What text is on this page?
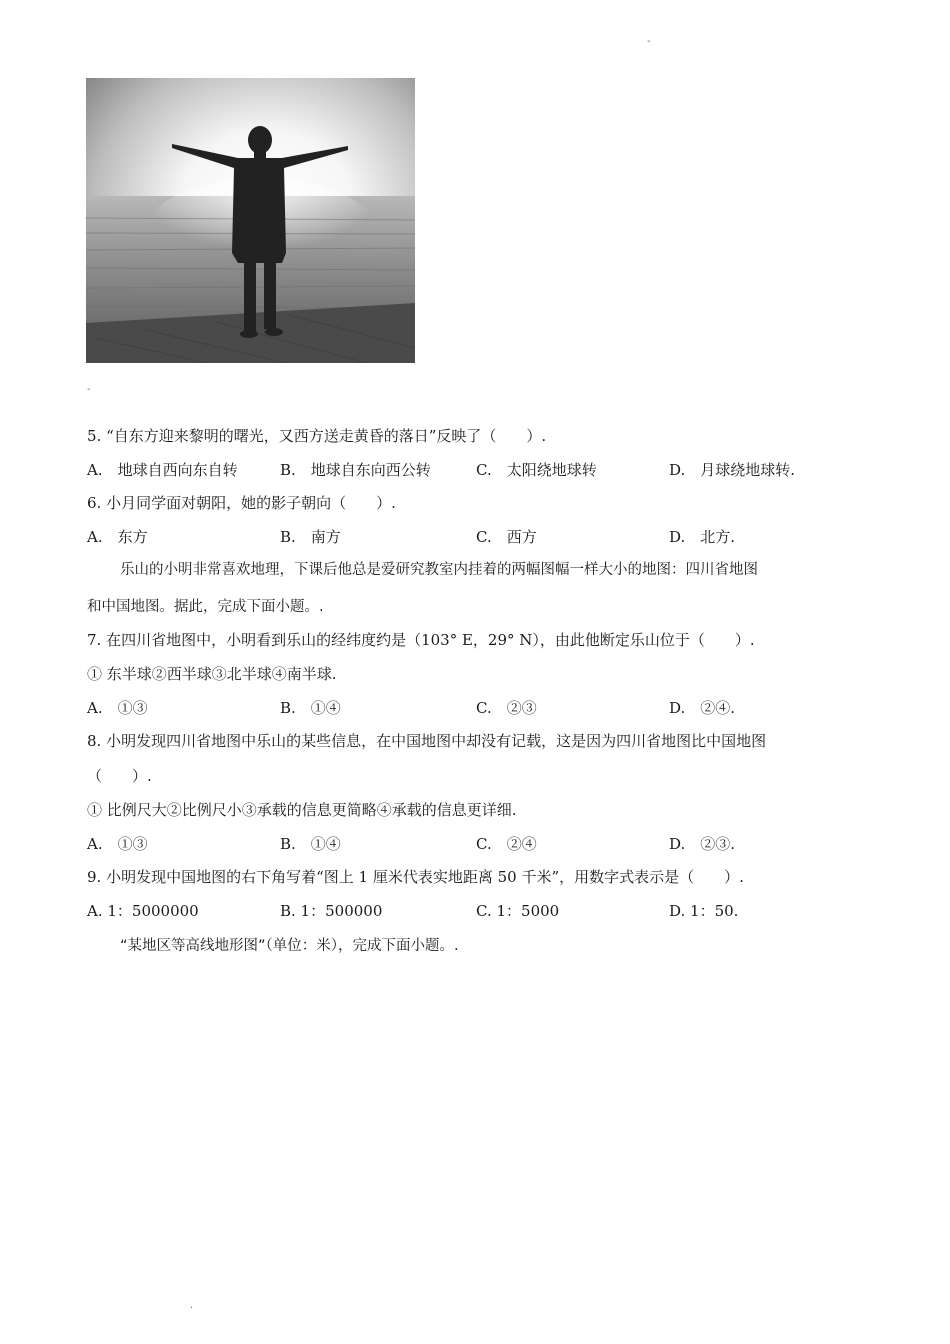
-
-
5. “自东方迎来黎明的曙光，又西方送走黄昏的落日”反映了（　　）.
A.　地球自西向东自转	B.　地球自东向西公转	C.　太阳绕地球转	D.　月球绕地球转.
6. 小月同学面对朝阳，她的影子朝向（　　）.
A.　东方	B.　南方	C.　西方	D.　北方.
乐山的小明非常喜欢地理，下课后他总是爱研究教室内挂着的两幅图幅一样大小的地图：四川省地图
和中国地图。据此，完成下面小题。.
7. 在四川省地图中，小明看到乐山的经纬度约是（103° E，29° N），由此他断定乐山位于（　　）.
① 东半球②西半球③北半球④南半球.
A.　①③	B.　①④	C.　②③	D.　②④.
8. 小明发现四川省地图中乐山的某些信息，在中国地图中却没有记载，这是因为四川省地图比中国地图
（　　）.
① 比例尺大②比例尺小③承载的信息更简略④承载的信息更详细.
A.　①③	B.　①④	C.　②④	D.　②③.
9. 小明发现中国地图的右下角写着“图上 1 厘米代表实地距离 50 千米”，用数字式表示是（　　）.
A. 1：5000000	B. 1：500000	C. 1：5000	D. 1：50.
“某地区等高线地形图”（单位：米），完成下面小题。.
.
